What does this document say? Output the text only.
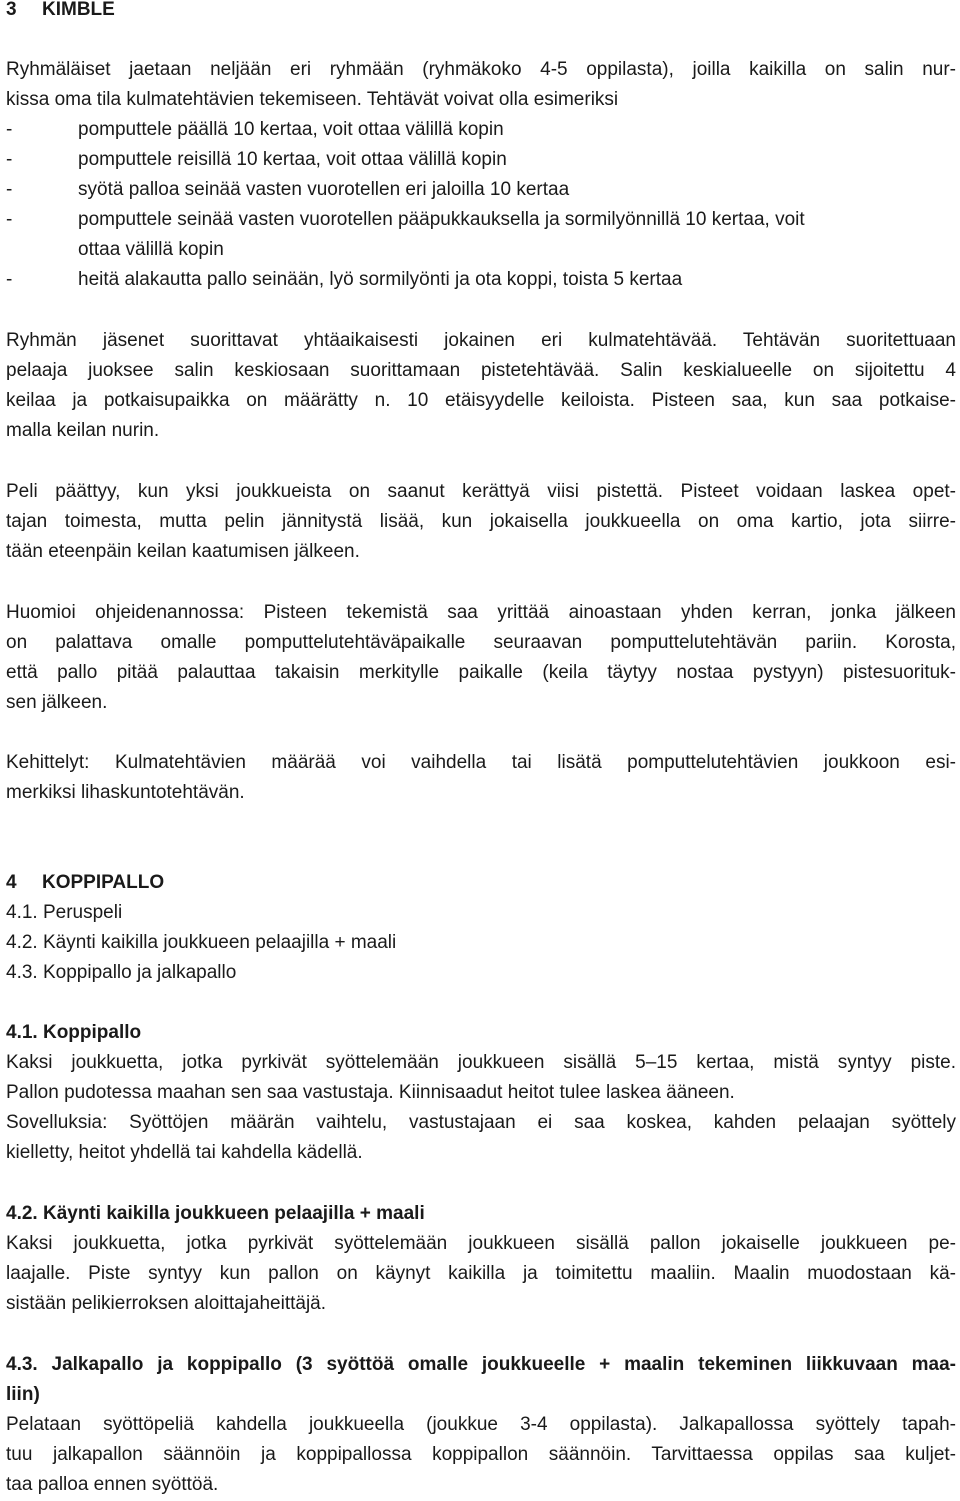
3 KIMBLE
Ryhmäläiset jaetaan neljään eri ryhmään (ryhmäkoko 4-5 oppilasta), joilla kaikilla on salin nur-
kissa oma tila kulmatehtävien tekemiseen. Tehtävät voivat olla esimeriksi
-	pomputtele päällä 10 kertaa, voit ottaa välillä kopin
-	pomputtele reisillä 10 kertaa, voit ottaa välillä kopin
-	syötä palloa seinää vasten vuorotellen eri jaloilla 10 kertaa
-	pomputtele seinää vasten vuorotellen pääpukkauksella ja sormilyönnillä 10 kertaa, voit
ottaa välillä kopin
-	heitä alakautta pallo seinään, lyö sormilyönti ja ota koppi, toista 5 kertaa
Ryhmän jäsenet suorittavat yhtäaikaisesti jokainen eri kulmatehtävää. Tehtävän suoritettuaan
pelaaja juoksee salin keskiosaan suorittamaan pistetehtävää. Salin keskialueelle on sijoitettu 4
keilaa ja potkaisupaikka on määrätty n. 10 etäisyydelle keiloista. Pisteen saa, kun saa potkaise-
malla keilan nurin.
Peli päättyy, kun yksi joukkueista on saanut kerättyä viisi pistettä. Pisteet voidaan laskea opet-
tajan toimesta, mutta pelin jännitystä lisää, kun jokaisella joukkueella on oma kartio, jota siirre-
tään eteenpäin keilan kaatumisen jälkeen.
Huomioi ohjeidenannossa: Pisteen tekemistä saa yrittää ainoastaan yhden kerran, jonka jälkeen
on palattava omalle pomputtelutehtäväpaikalle seuraavan pomputtelutehtävän pariin. Korosta,
että pallo pitää palauttaa takaisin merkitylle paikalle (keila täytyy nostaa pystyyn) pistesuorituk-
sen jälkeen.
Kehittelyt: Kulmatehtävien määrää voi vaihdella tai lisätä pomputtelutehtävien joukkoon esi-
merkiksi lihaskuntotehtävän.
4 KOPPIPALLO
4.1. Peruspeli
4.2. Käynti kaikilla joukkueen pelaajilla + maali
4.3. Koppipallo ja jalkapallo
4.1. Koppipallo
Kaksi joukkuetta, jotka pyrkivät syöttelemään joukkueen sisällä 5–15 kertaa, mistä syntyy piste.
Pallon pudotessa maahan sen saa vastustaja. Kiinnisaadut heitot tulee laskea ääneen.
Sovelluksia: Syöttöjen määrän vaihtelu, vastustajaan ei saa koskea, kahden pelaajan syöttely
kielletty, heitot yhdellä tai kahdella kädellä.
4.2. Käynti kaikilla joukkueen pelaajilla + maali
Kaksi joukkuetta, jotka pyrkivät syöttelemään joukkueen sisällä pallon jokaiselle joukkueen pe-
laajalle. Piste syntyy kun pallon on käynyt kaikilla ja toimitettu maaliin. Maalin muodostaan kä-
sistään pelikierroksen aloittajaheittäjä.
4.3. Jalkapallo ja koppipallo (3 syöttöä omalle joukkueelle + maalin tekeminen liikkuvaan maa-
liin)
Pelataan syöttöpeliä kahdella joukkueella (joukkue 3-4 oppilasta). Jalkapallossa syöttely tapah-
tuu jalkapallon säännöin ja koppipallossa koppipallon säännöin. Tarvittaessa oppilas saa kuljet-
taa palloa ennen syöttöä.
